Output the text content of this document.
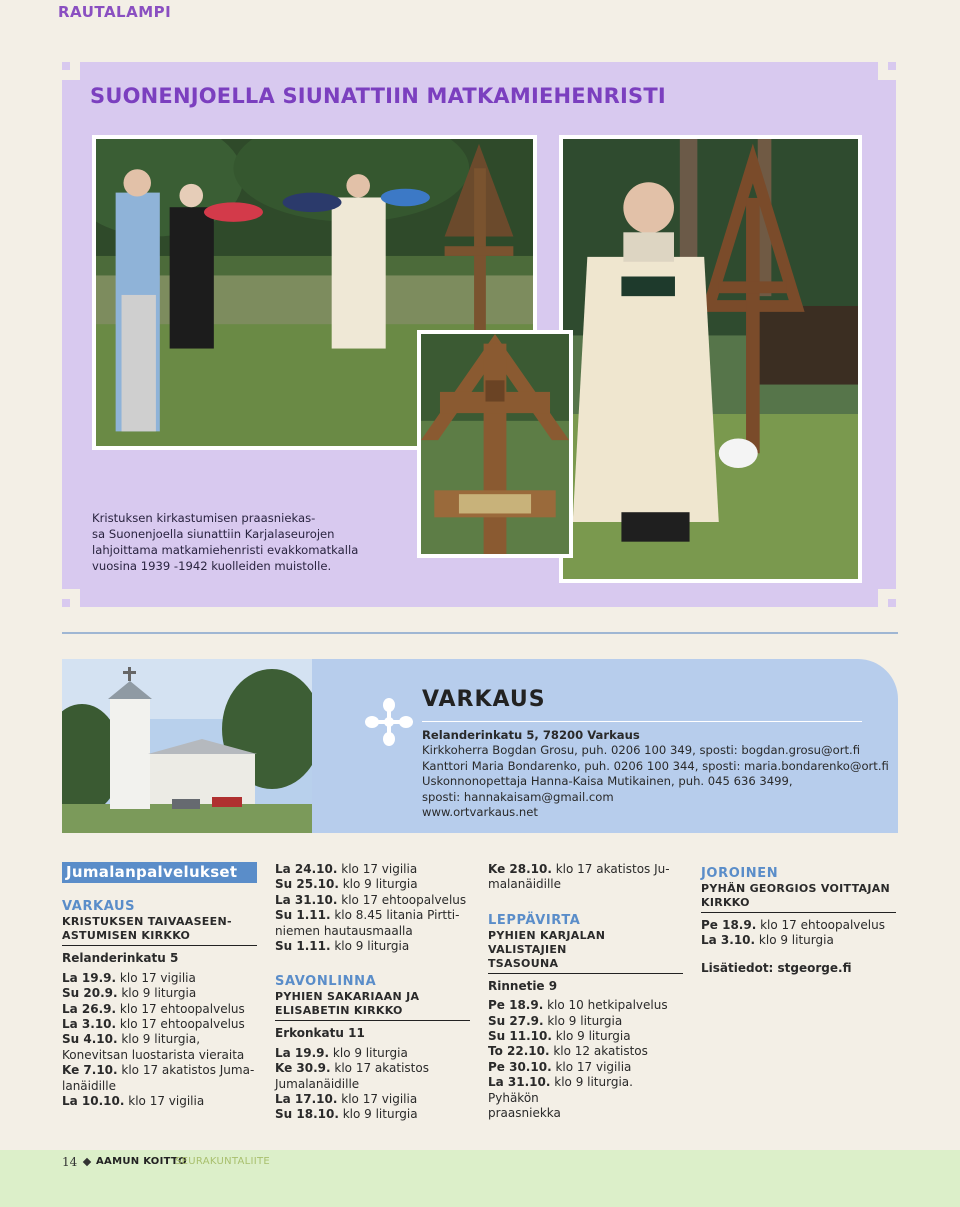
RAUTALAMPI
SUONENJOELLA SIUNATTIIN MATKAMIEHENRISTI
Kristuksen kirkastumisen praasniekas-
sa Suonenjoella siunattiin Karjalaseurojen
lahjoittama matkamiehenristi evakkomatkalla
vuosina 1939 -1942 kuolleiden muistolle.
VARKAUS
Relanderinkatu 5, 78200 Varkaus
Kirkkoherra Bogdan Grosu, puh. 0206 100 349, sposti: bogdan.grosu@ort.fi
Kanttori Maria Bondarenko, puh. 0206 100 344, sposti: maria.bondarenko@ort.fi
Uskonnonopettaja Hanna-Kaisa Mutikainen, puh. 045 636 3499,
sposti: hannakaisam@gmail.com
www.ortvarkaus.net
Jumalanpalvelukset
VARKAUS
KRISTUKSEN TAIVAASEEN-
ASTUMISEN KIRKKO
Relanderinkatu 5
La 19.9. klo 17 vigilia
Su 20.9. klo 9 liturgia
La 26.9. klo 17 ehtoopalvelus
La 3.10. klo 17 ehtoopalvelus
Su 4.10. klo 9 liturgia,
Konevitsan luostarista vieraita
Ke 7.10. klo 17 akatistos Juma-
lanäidille
La 10.10. klo 17 vigilia
La 24.10. klo 17 vigilia
Su 25.10. klo 9 liturgia
La 31.10. klo 17 ehtoopalvelus
Su 1.11. klo 8.45 litania Pirtti-
niemen hautausmaalla
Su 1.11. klo 9 liturgia
SAVONLINNA
PYHIEN SAKARIAAN JA
ELISABETIN KIRKKO
Erkonkatu 11
La 19.9. klo 9 liturgia
Ke 30.9. klo 17 akatistos
Jumalanäidille
La 17.10. klo 17 vigilia
Su 18.10. klo 9 liturgia
Ke 28.10. klo 17 akatistos Ju-
malanäidille
LEPPÄVIRTA
PYHIEN KARJALAN VALISTAJIEN
TSASOUNA
Rinnetie 9
Pe 18.9. klo 10 hetkipalvelus
Su 27.9. klo 9 liturgia
Su 11.10. klo 9 liturgia
To 22.10. klo 12 akatistos
Pe 30.10. klo 17 vigilia
La 31.10. klo 9 liturgia. Pyhäkön
praasniekka
JOROINEN
PYHÄN GEORGIOS VOITTAJAN
KIRKKO
Pe 18.9. klo 17 ehtoopalvelus
La 3.10. klo 9 liturgia
Lisätiedot: stgeorge.fi
14 AAMUN KOITTO
SEURAKUNTALIITE
